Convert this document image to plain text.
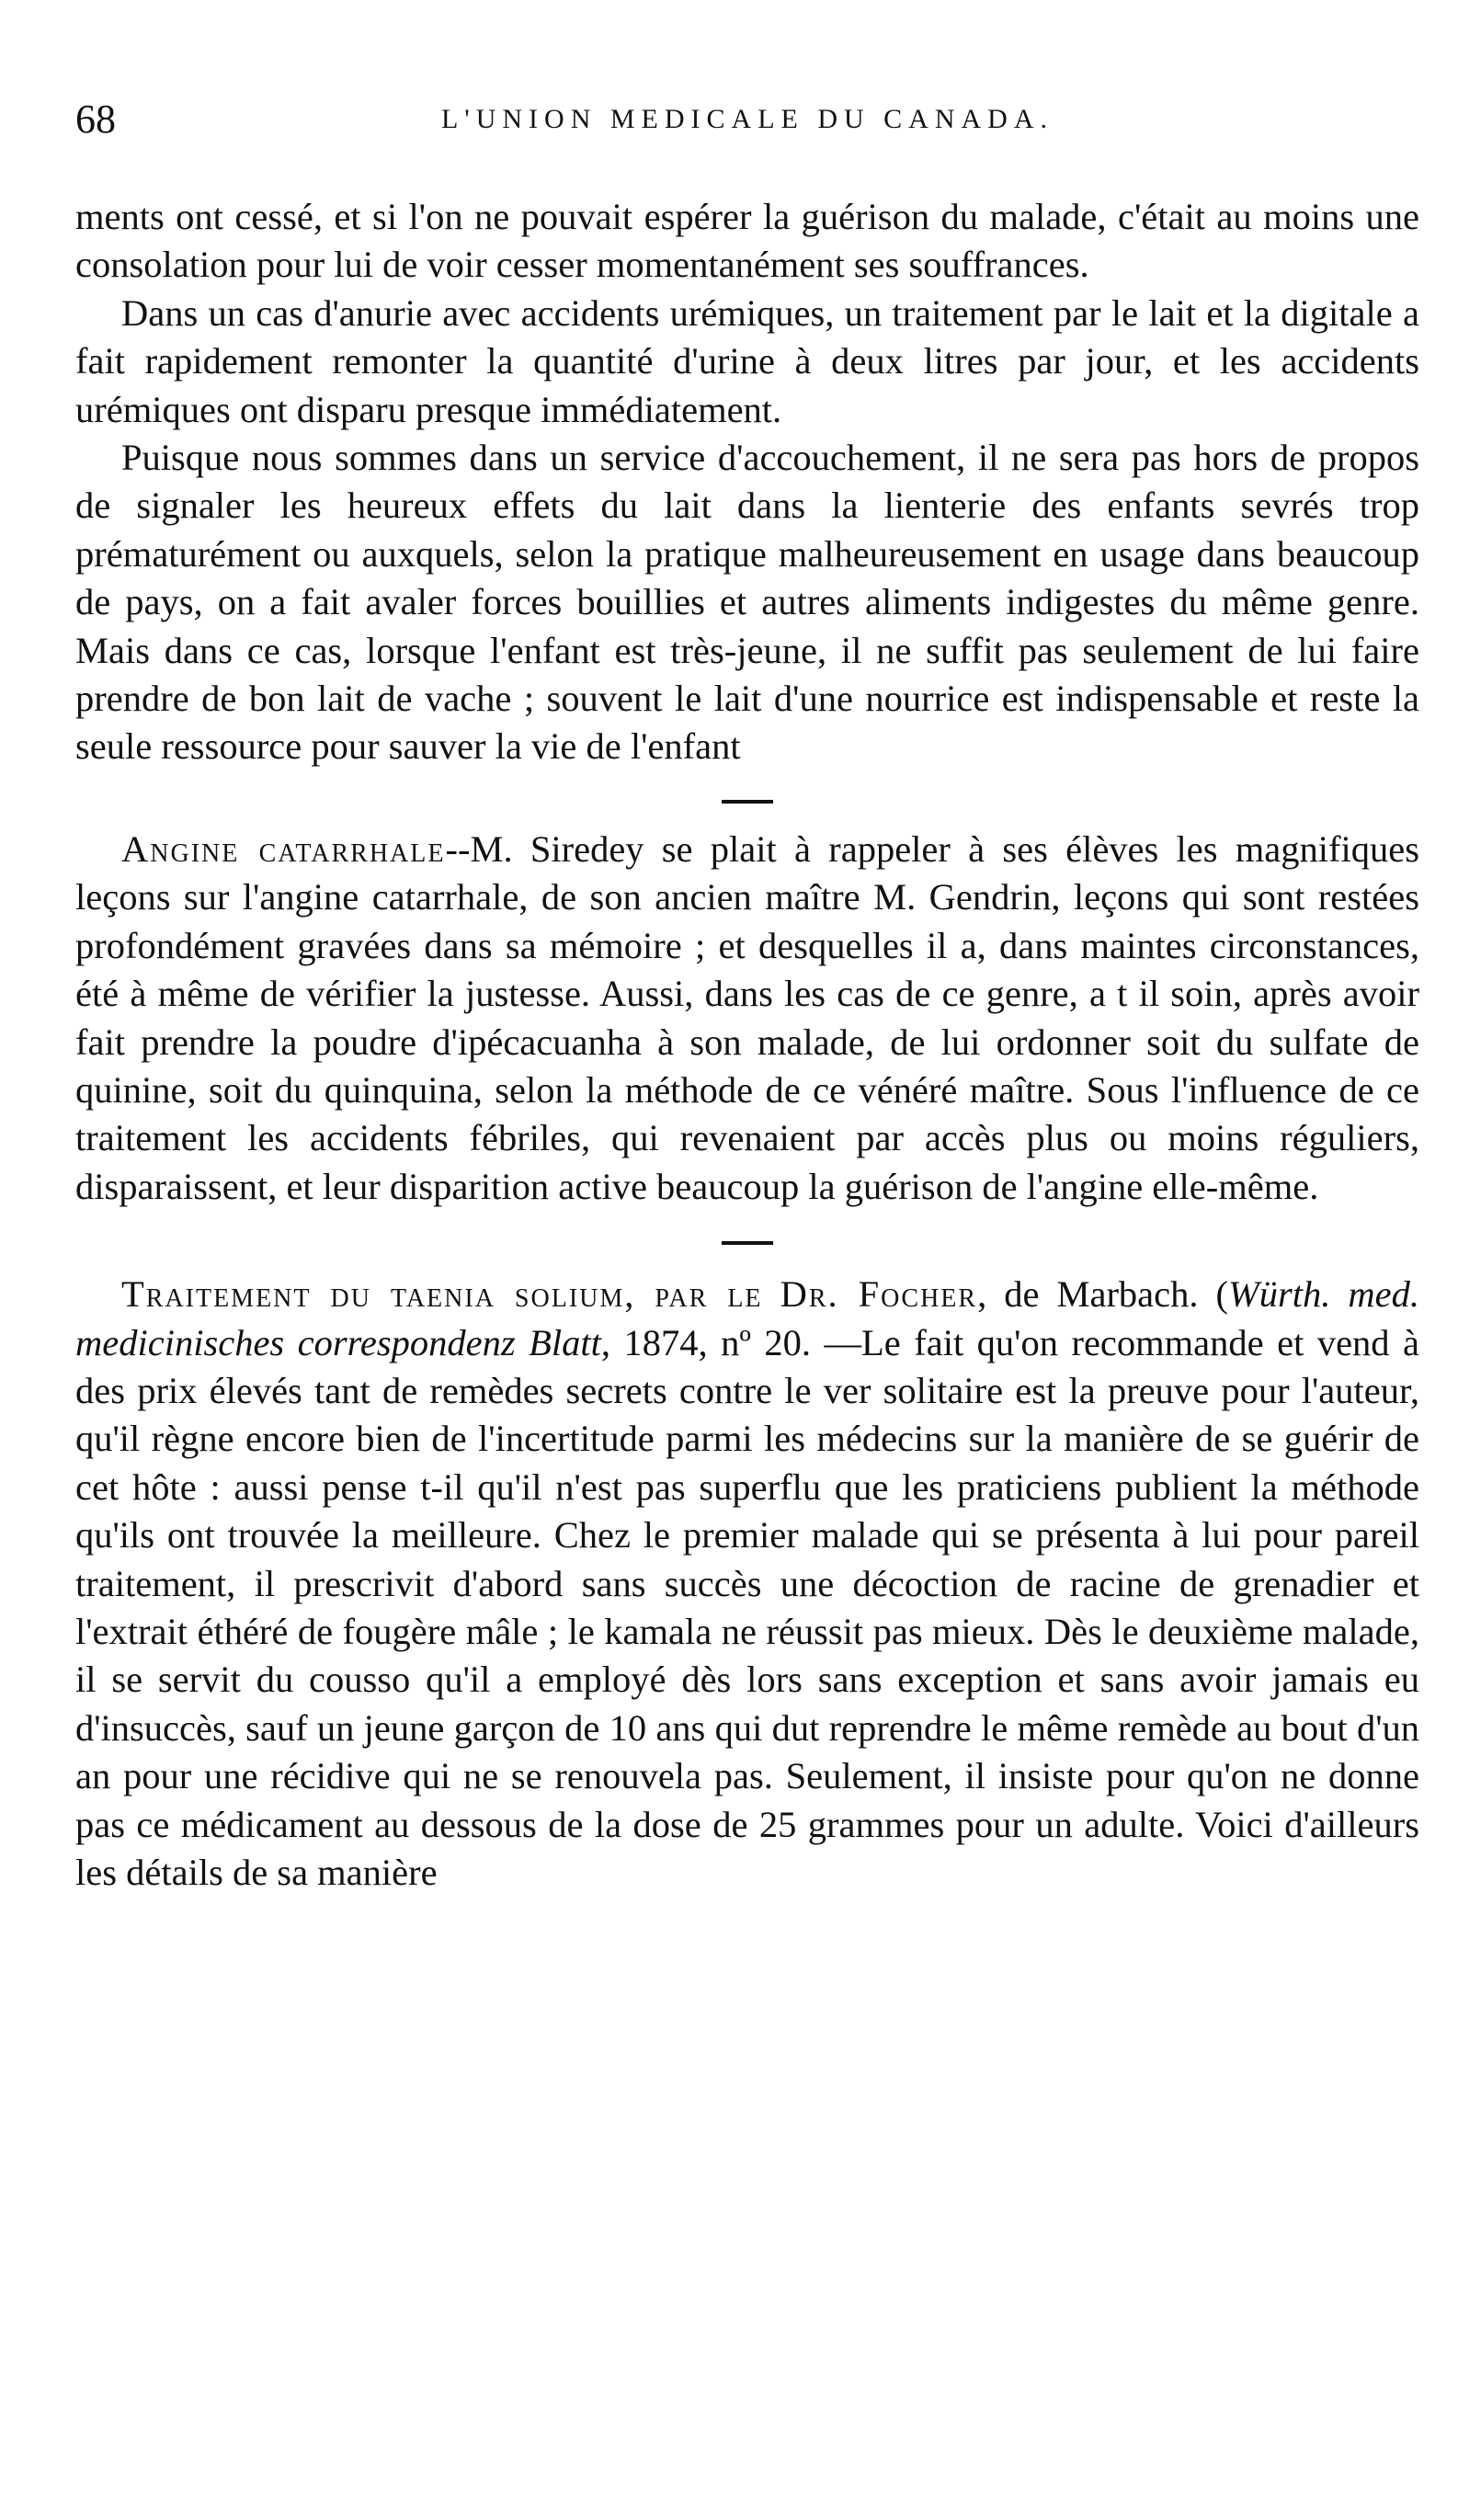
68	L'UNION MEDICALE DU CANADA.

ments ont cessé, et si l'on ne pouvait espérer la guérison du malade, c'était au moins une consolation pour lui de voir cesser momentanément ses souffrances.

Dans un cas d'anurie avec accidents urémiques, un traitement par le lait et la digitale a fait rapidement remonter la quantité d'urine à deux litres par jour, et les accidents urémiques ont disparu presque immédiatement.

Puisque nous sommes dans un service d'accouchement, il ne sera pas hors de propos de signaler les heureux effets du lait dans la lienterie des enfants sevrés trop prématurément ou auxquels, selon la pratique malheureusement en usage dans beaucoup de pays, on a fait avaler forces bouillies et autres aliments indigestes du même genre. Mais dans ce cas, lorsque l'enfant est très-jeune, il ne suffit pas seulement de lui faire prendre de bon lait de vache ; souvent le lait d'une nourrice est indispensable et reste la seule ressource pour sauver la vie de l'enfant

Angine catarrhale--M. Siredey se plait à rappeler à ses élèves les magnifiques leçons sur l'angine catarrhale, de son ancien maître M. Gendrin, leçons qui sont restées profondément gravées dans sa mémoire ; et desquelles il a, dans maintes circonstances, été à même de vérifier la justesse. Aussi, dans les cas de ce genre, a t il soin, après avoir fait prendre la poudre d'ipécacuanha à son malade, de lui ordonner soit du sulfate de quinine, soit du quinquina, selon la méthode de ce vénéré maître. Sous l'influence de ce traitement les accidents fébriles, qui revenaient par accès plus ou moins réguliers, disparaissent, et leur disparition active beaucoup la guérison de l'angine elle-même.

Traitement du taenia solium, par le Dr. Focher, de Marbach. (Würth. med. medicinisches correspondenz Blatt, 1874, nº 20. —Le fait qu'on recommande et vend à des prix élevés tant de remèdes secrets contre le ver solitaire est la preuve pour l'auteur, qu'il règne encore bien de l'incertitude parmi les médecins sur la manière de se guérir de cet hôte : aussi pense t-il qu'il n'est pas superflu que les praticiens publient la méthode qu'ils ont trouvée la meilleure. Chez le premier malade qui se présenta à lui pour pareil traitement, il prescrivit d'abord sans succès une décoction de racine de grenadier et l'extrait éthéré de fougère mâle ; le kamala ne réussit pas mieux. Dès le deuxième malade, il se servit du cousso qu'il a employé dès lors sans exception et sans avoir jamais eu d'insuccès, sauf un jeune garçon de 10 ans qui dut reprendre le même remède au bout d'un an pour une récidive qui ne se renouvela pas. Seulement, il insiste pour qu'on ne donne pas ce médicament au dessous de la dose de 25 grammes pour un adulte. Voici d'ailleurs les détails de sa manière
